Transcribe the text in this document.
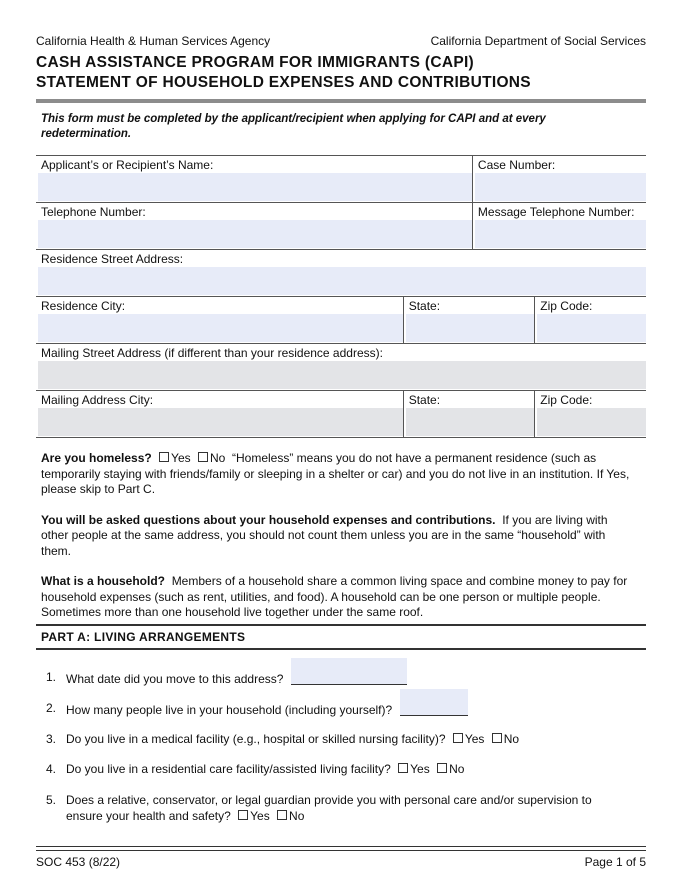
California Health & Human Services Agency	California Department of Social Services
CASH ASSISTANCE PROGRAM FOR IMMIGRANTS (CAPI)
STATEMENT OF HOUSEHOLD EXPENSES AND CONTRIBUTIONS
This form must be completed by the applicant/recipient when applying for CAPI and at every redetermination.
Applicant’s or Recipient’s Name:	Case Number:

Telephone Number:	Message Telephone Number:
Residence Street Address:		

Residence City:	State:	Zip Code:

Mailing Street Address (if different than your residence address):		

Mailing Address City:	State:	Zip Code:
Are you homeless? Yes No “Homeless” means you do not have a permanent residence (such as temporarily staying with friends/family or sleeping in a shelter or car) and you do not live in an institution. If Yes, please skip to Part C.
You will be asked questions about your household expenses and contributions. If you are living with other people at the same address, you should not count them unless you are in the same “household” with them.
What is a household? Members of a household share a common living space and combine money to pay for household expenses (such as rent, utilities, and food). A household can be one person or multiple people. Sometimes more than one household live together under the same roof.
PART A: LIVING ARRANGEMENTS
1. What date did you move to this address?
2. How many people live in your household (including yourself)?
3. Do you live in a medical facility (e.g., hospital or skilled nursing facility)? Yes No
4. Do you live in a residential care facility/assisted living facility? Yes No
5. Does a relative, conservator, or legal guardian provide you with personal care and/or supervision to
ensure your health and safety? Yes No
SOC 453 (8/22)	Page 1 of 5
